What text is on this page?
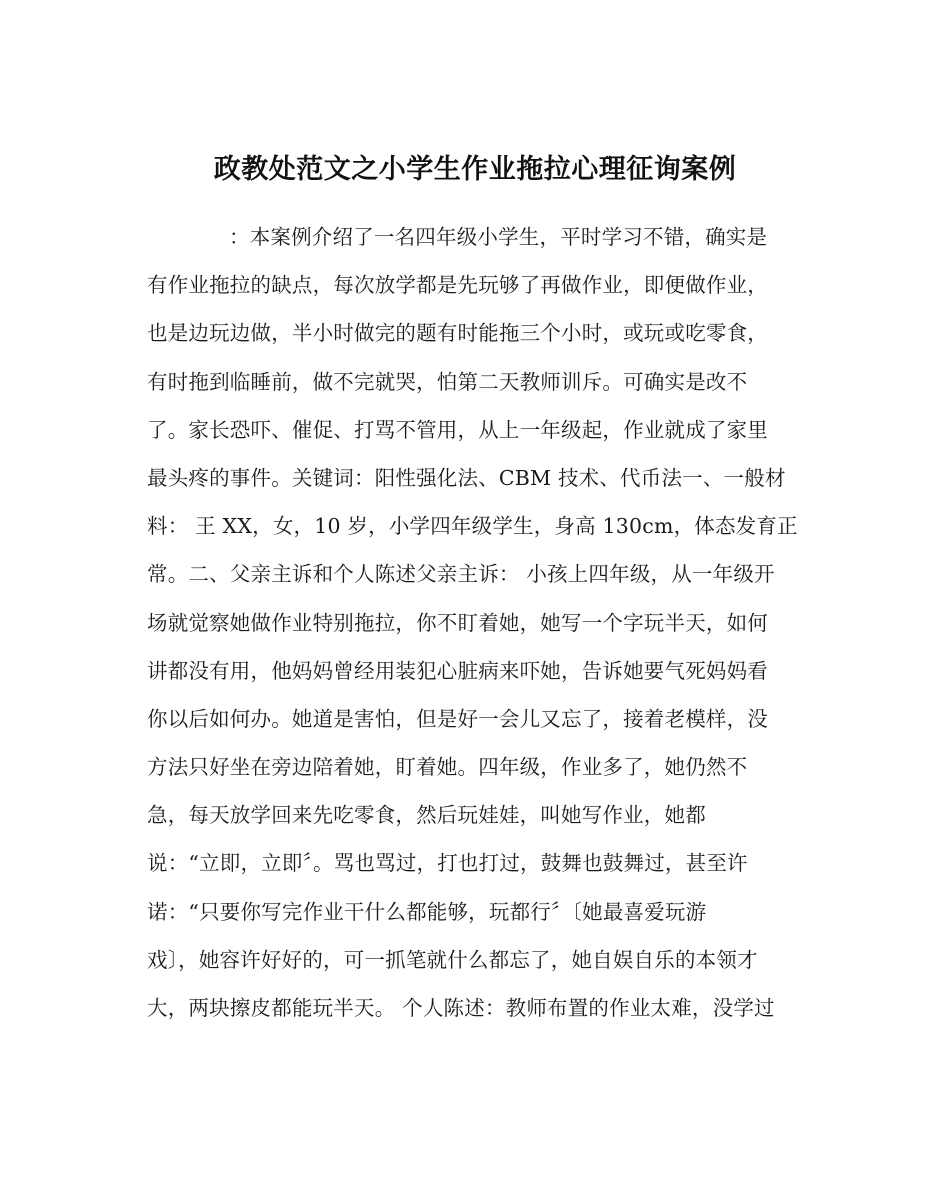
政教处范文之小学生作业拖拉心理征询案例
：本案例介绍了一名四年级小学生，平时学习不错，确实是
有作业拖拉的缺点，每次放学都是先玩够了再做作业，即便做作业，
也是边玩边做，半小时做完的题有时能拖三个小时，或玩或吃零食，
有时拖到临睡前，做不完就哭，怕第二天教师训斥。可确实是改不
了。家长恐吓、催促、打骂不管用，从上一年级起，作业就成了家里
最头疼的事件。关键词：阳性强化法、CBM 技术、代币法一、一般材
料： 王 XX，女，10 岁，小学四年级学生，身高 130cm，体态发育正
常。二、父亲主诉和个人陈述父亲主诉： 小孩上四年级，从一年级开
场就觉察她做作业特别拖拉，你不盯着她，她写一个字玩半天，如何
讲都没有用，他妈妈曾经用装犯心脏病来吓她，告诉她要气死妈妈看
你以后如何办。她道是害怕，但是好一会儿又忘了，接着老模样，没
方法只好坐在旁边陪着她，盯着她。四年级，作业多了，她仍然不
急，每天放学回来先吃零食，然后玩娃娃，叫她写作业，她都
说：“立即，立即〞。骂也骂过，打也打过，鼓舞也鼓舞过，甚至许
诺：“只要你写完作业干什么都能够，玩都行〞〔她最喜爱玩游
戏〕，她容许好好的，可一抓笔就什么都忘了，她自娱自乐的本领才
大，两块擦皮都能玩半天。 个人陈述：教师布置的作业太难，没学过
